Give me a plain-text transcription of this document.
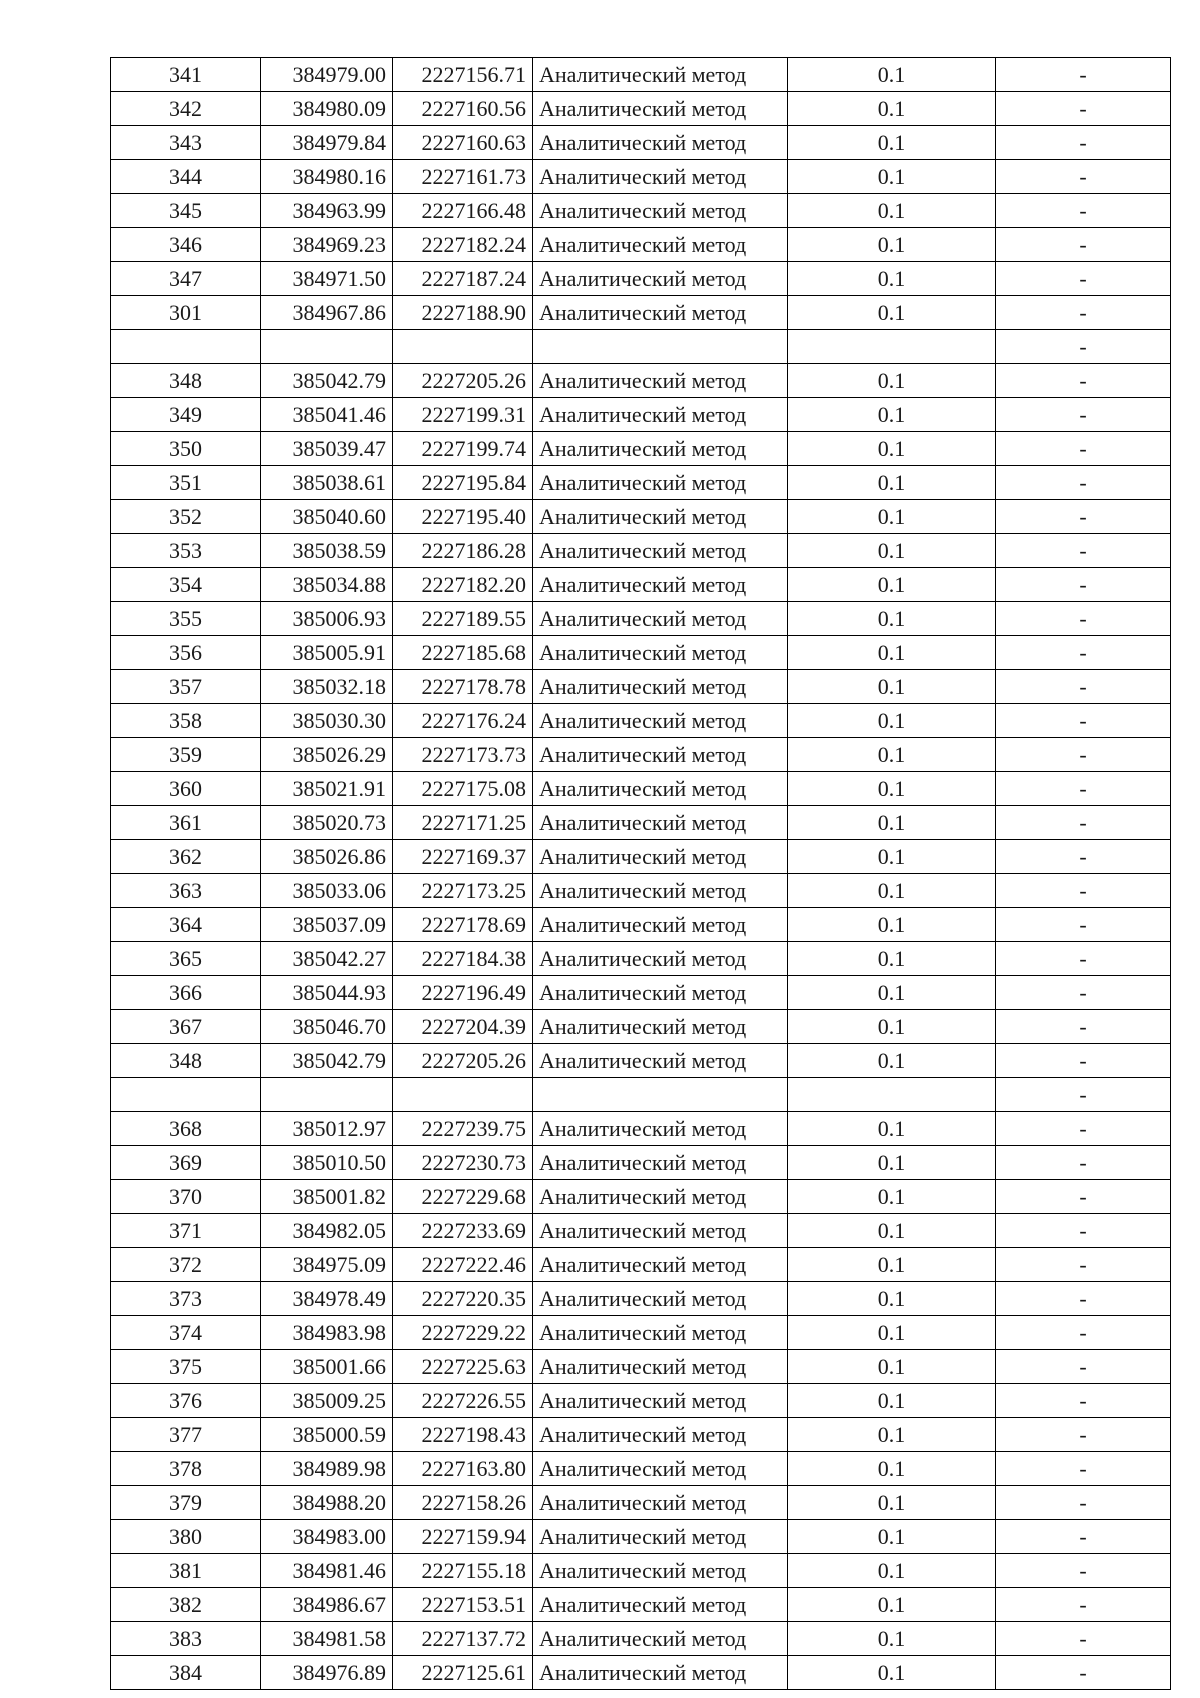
341	384979.00	2227156.71	Аналитический метод	0.1	-
342	384980.09	2227160.56	Аналитический метод	0.1	-
343	384979.84	2227160.63	Аналитический метод	0.1	-
344	384980.16	2227161.73	Аналитический метод	0.1	-
345	384963.99	2227166.48	Аналитический метод	0.1	-
346	384969.23	2227182.24	Аналитический метод	0.1	-
347	384971.50	2227187.24	Аналитический метод	0.1	-
301	384967.86	2227188.90	Аналитический метод	0.1	-
					-
348	385042.79	2227205.26	Аналитический метод	0.1	-
349	385041.46	2227199.31	Аналитический метод	0.1	-
350	385039.47	2227199.74	Аналитический метод	0.1	-
351	385038.61	2227195.84	Аналитический метод	0.1	-
352	385040.60	2227195.40	Аналитический метод	0.1	-
353	385038.59	2227186.28	Аналитический метод	0.1	-
354	385034.88	2227182.20	Аналитический метод	0.1	-
355	385006.93	2227189.55	Аналитический метод	0.1	-
356	385005.91	2227185.68	Аналитический метод	0.1	-
357	385032.18	2227178.78	Аналитический метод	0.1	-
358	385030.30	2227176.24	Аналитический метод	0.1	-
359	385026.29	2227173.73	Аналитический метод	0.1	-
360	385021.91	2227175.08	Аналитический метод	0.1	-
361	385020.73	2227171.25	Аналитический метод	0.1	-
362	385026.86	2227169.37	Аналитический метод	0.1	-
363	385033.06	2227173.25	Аналитический метод	0.1	-
364	385037.09	2227178.69	Аналитический метод	0.1	-
365	385042.27	2227184.38	Аналитический метод	0.1	-
366	385044.93	2227196.49	Аналитический метод	0.1	-
367	385046.70	2227204.39	Аналитический метод	0.1	-
348	385042.79	2227205.26	Аналитический метод	0.1	-
					-
368	385012.97	2227239.75	Аналитический метод	0.1	-
369	385010.50	2227230.73	Аналитический метод	0.1	-
370	385001.82	2227229.68	Аналитический метод	0.1	-
371	384982.05	2227233.69	Аналитический метод	0.1	-
372	384975.09	2227222.46	Аналитический метод	0.1	-
373	384978.49	2227220.35	Аналитический метод	0.1	-
374	384983.98	2227229.22	Аналитический метод	0.1	-
375	385001.66	2227225.63	Аналитический метод	0.1	-
376	385009.25	2227226.55	Аналитический метод	0.1	-
377	385000.59	2227198.43	Аналитический метод	0.1	-
378	384989.98	2227163.80	Аналитический метод	0.1	-
379	384988.20	2227158.26	Аналитический метод	0.1	-
380	384983.00	2227159.94	Аналитический метод	0.1	-
381	384981.46	2227155.18	Аналитический метод	0.1	-
382	384986.67	2227153.51	Аналитический метод	0.1	-
383	384981.58	2227137.72	Аналитический метод	0.1	-
384	384976.89	2227125.61	Аналитический метод	0.1	-
